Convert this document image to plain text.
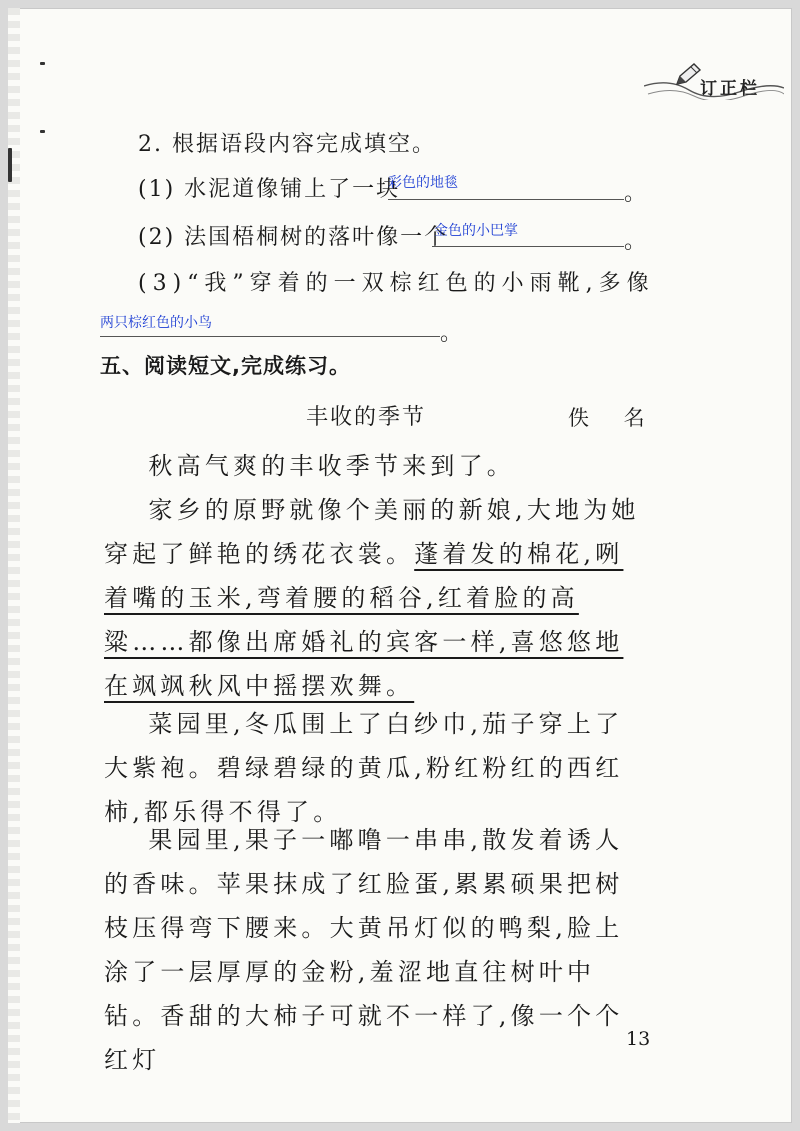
订正栏
2. 根据语段内容完成填空。
(1) 水泥道像铺上了一块
彩色的地毯	。
(2) 法国梧桐树的落叶像一个
金色的小巴掌	。
(3)“我”穿着的一双棕红色的小雨靴,多像
两只棕红色的小鸟	。
五、阅读短文,完成练习。
丰收的季节	佚 名
  秋高气爽的丰收季节来到了。
  家乡的原野就像个美丽的新娘,大地为她穿起了鲜艳的绣花衣裳。蓬着发的棉花,咧着嘴的玉米,弯着腰的稻谷,红着脸的高粱……都像出席婚礼的宾客一样,喜悠悠地在飒飒秋风中摇摆欢舞。
  菜园里,冬瓜围上了白纱巾,茄子穿上了大紫袍。碧绿碧绿的黄瓜,粉红粉红的西红柿,都乐得不得了。
  果园里,果子一嘟噜一串串,散发着诱人的香味。苹果抹成了红脸蛋,累累硕果把树枝压得弯下腰来。大黄吊灯似的鸭梨,脸上涂了一层厚厚的金粉,羞涩地直往树叶中钻。香甜的大柿子可就不一样了,像一个个红灯
13
